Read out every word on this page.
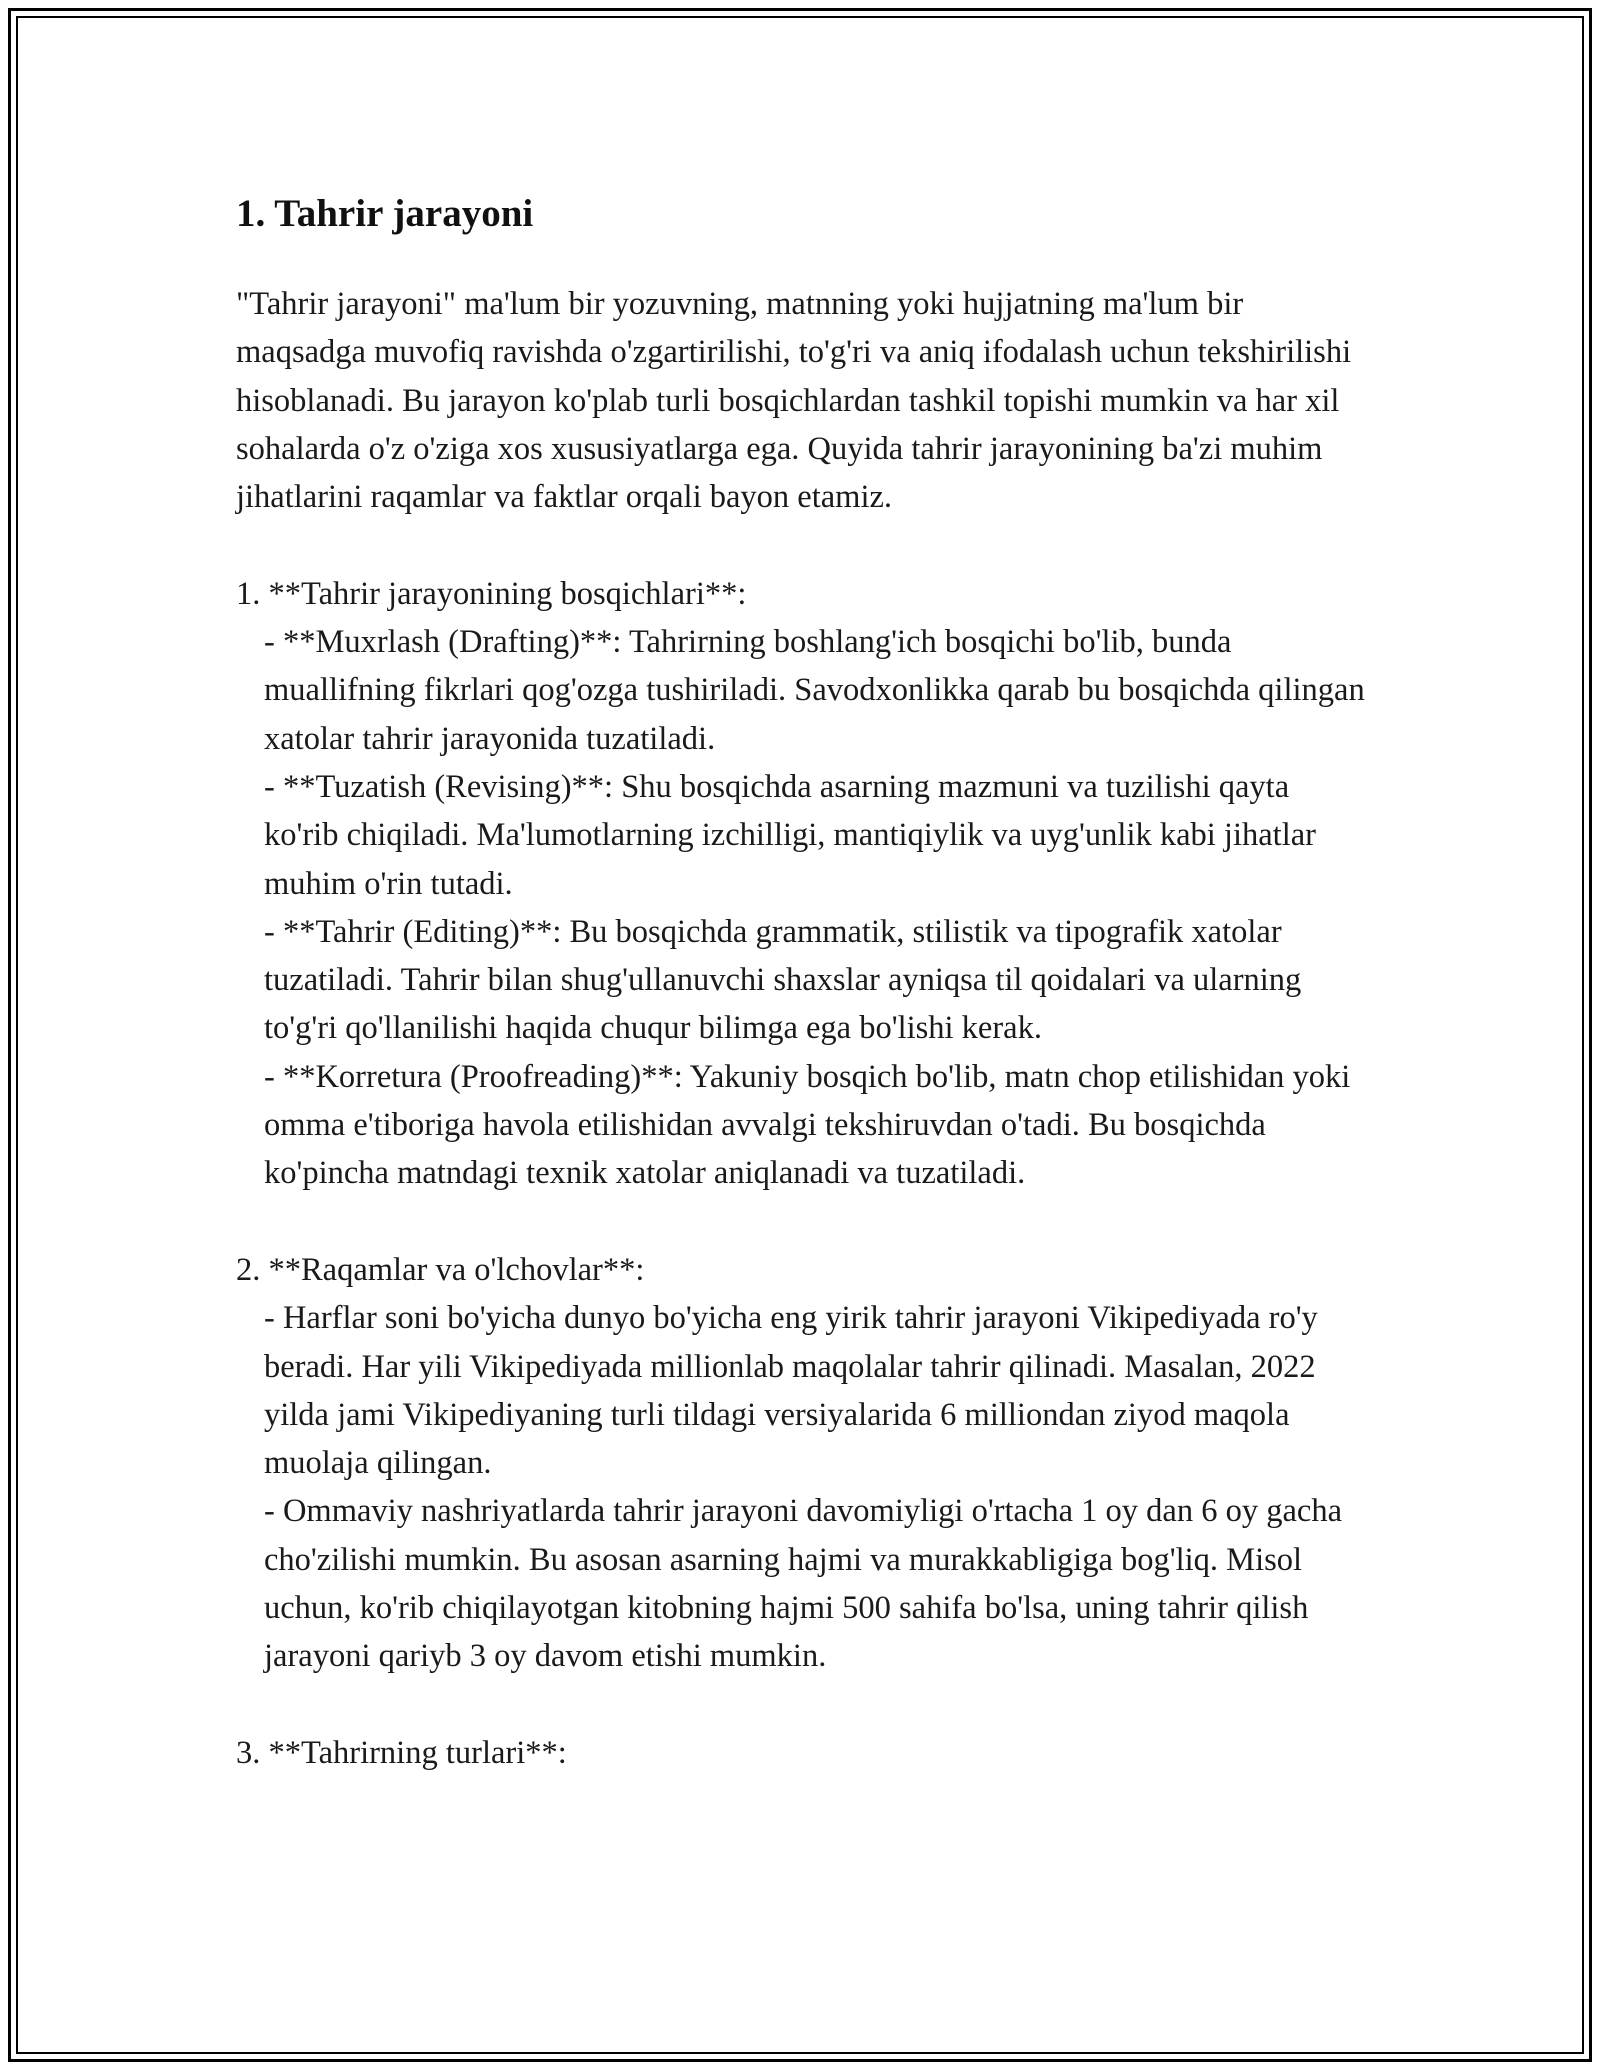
1. Tahrir jarayoni

"Tahrir jarayoni" ma'lum bir yozuvning, matnning yoki hujjatning ma'lum bir maqsadga muvofiq ravishda o'zgartirilishi, to'g'ri va aniq ifodalash uchun tekshirilishi hisoblanadi. Bu jarayon ko'plab turli bosqichlardan tashkil topishi mumkin va har xil sohalarda o'z o'ziga xos xususiyatlarga ega. Quyida tahrir jarayonining ba'zi muhim jihatlarini raqamlar va faktlar orqali bayon etamiz.

1. **Tahrir jarayonining bosqichlari**:

- **Muxrlash (Drafting)**: Tahrirning boshlang'ich bosqichi bo'lib, bunda muallifning fikrlari qog'ozga tushiriladi. Savodxonlikka qarab bu bosqichda qilingan xatolar tahrir jarayonida tuzatiladi.

- **Tuzatish (Revising)**: Shu bosqichda asarning mazmuni va tuzilishi qayta ko'rib chiqiladi. Ma'lumotlarning izchilligi, mantiqiylik va uyg'unlik kabi jihatlar muhim o'rin tutadi.

- **Tahrir (Editing)**: Bu bosqichda grammatik, stilistik va tipografik xatolar tuzatiladi. Tahrir bilan shug'ullanuvchi shaxslar ayniqsa til qoidalari va ularning to'g'ri qo'llanilishi haqida chuqur bilimga ega bo'lishi kerak.

- **Korretura (Proofreading)**: Yakuniy bosqich bo'lib, matn chop etilishidan yoki omma e'tiboriga havola etilishidan avvalgi tekshiruvdan o'tadi. Bu bosqichda ko'pincha matndagi texnik xatolar aniqlanadi va tuzatiladi.

2. **Raqamlar va o'lchovlar**:

- Harflar soni bo'yicha dunyo bo'yicha eng yirik tahrir jarayoni Vikipediyada ro'y beradi. Har yili Vikipediyada millionlab maqolalar tahrir qilinadi. Masalan, 2022 yilda jami Vikipediyaning turli tildagi versiyalarida 6 milliondan ziyod maqola muolaja qilingan.

- Ommaviy nashriyatlarda tahrir jarayoni davomiyligi o'rtacha 1 oy dan 6 oy gacha cho'zilishi mumkin. Bu asosan asarning hajmi va murakkabligiga bog'liq. Misol uchun, ko'rib chiqilayotgan kitobning hajmi 500 sahifa bo'lsa, uning tahrir qilish jarayoni qariyb 3 oy davom etishi mumkin.

3. **Tahrirning turlari**:
